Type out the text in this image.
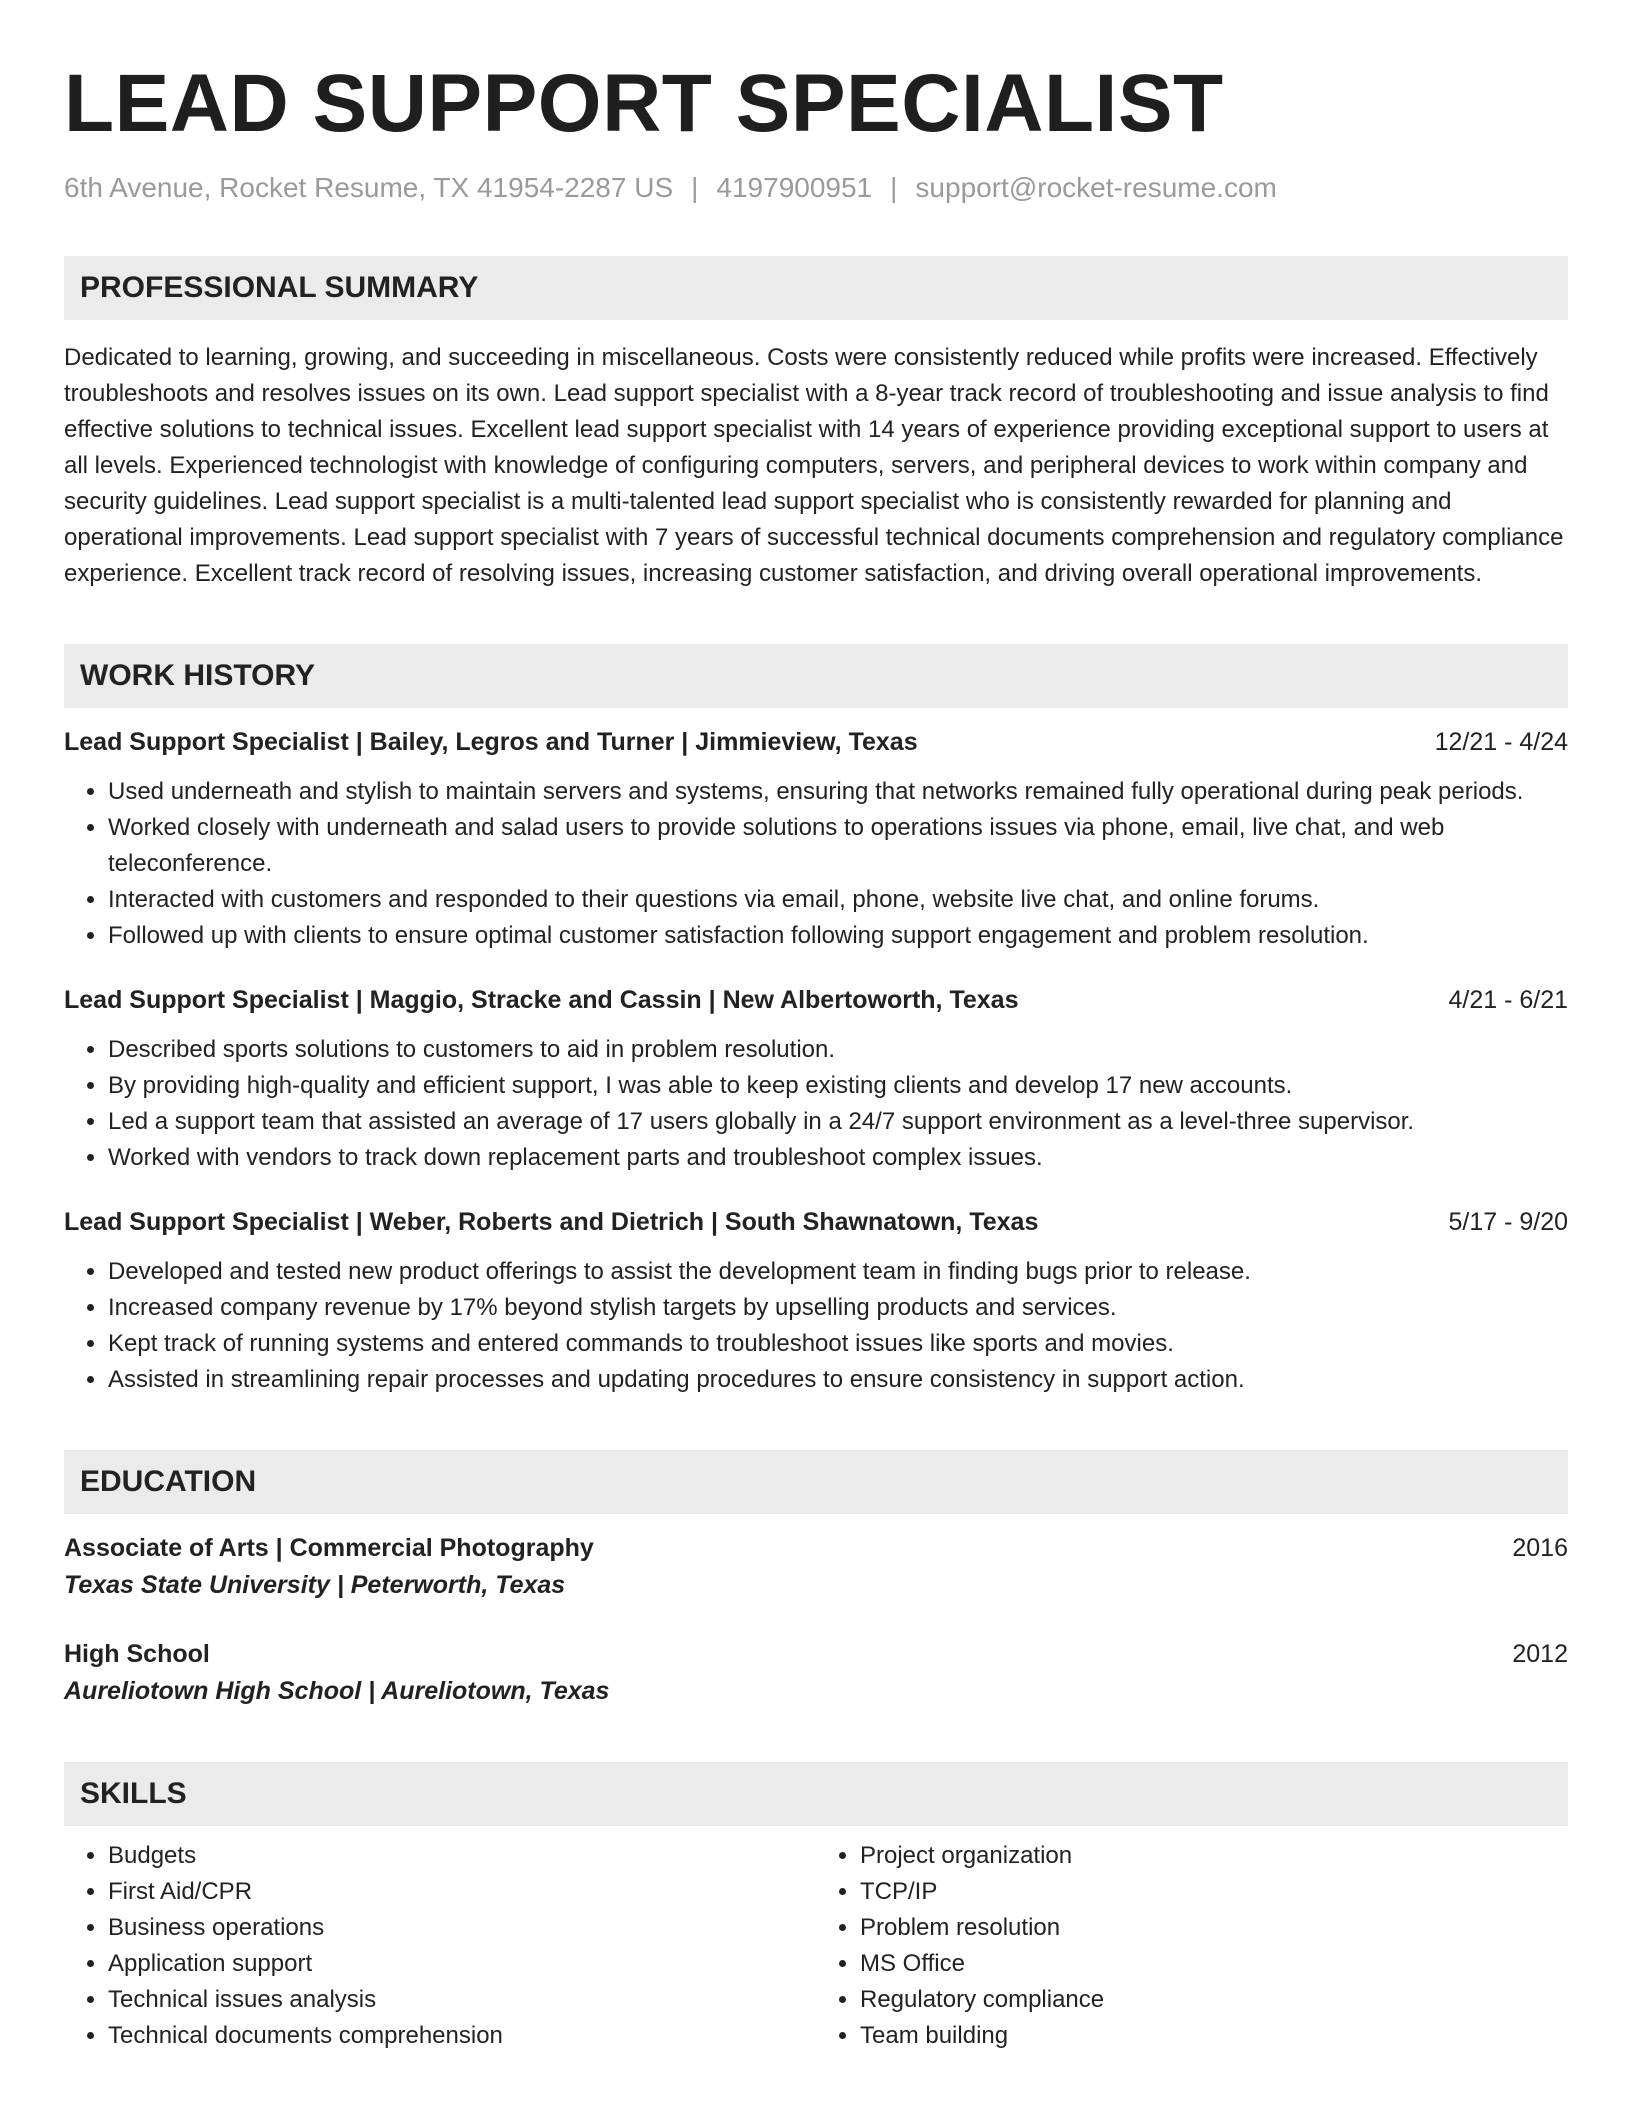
LEAD SUPPORT SPECIALIST
6th Avenue, Rocket Resume, TX 41954-2287 US | 4197900951 | support@rocket-resume.com
PROFESSIONAL SUMMARY
Dedicated to learning, growing, and succeeding in miscellaneous. Costs were consistently reduced while profits were increased. Effectively troubleshoots and resolves issues on its own. Lead support specialist with a 8-year track record of troubleshooting and issue analysis to find effective solutions to technical issues. Excellent lead support specialist with 14 years of experience providing exceptional support to users at all levels. Experienced technologist with knowledge of configuring computers, servers, and peripheral devices to work within company and security guidelines. Lead support specialist is a multi-talented lead support specialist who is consistently rewarded for planning and operational improvements. Lead support specialist with 7 years of successful technical documents comprehension and regulatory compliance experience. Excellent track record of resolving issues, increasing customer satisfaction, and driving overall operational improvements.
WORK HISTORY
Lead Support Specialist | Bailey, Legros and Turner | Jimmieview, Texas	12/21 - 4/24
• Used underneath and stylish to maintain servers and systems, ensuring that networks remained fully operational during peak periods.
• Worked closely with underneath and salad users to provide solutions to operations issues via phone, email, live chat, and web teleconference.
• Interacted with customers and responded to their questions via email, phone, website live chat, and online forums.
• Followed up with clients to ensure optimal customer satisfaction following support engagement and problem resolution.
Lead Support Specialist | Maggio, Stracke and Cassin | New Albertoworth, Texas	4/21 - 6/21
• Described sports solutions to customers to aid in problem resolution.
• By providing high-quality and efficient support, I was able to keep existing clients and develop 17 new accounts.
• Led a support team that assisted an average of 17 users globally in a 24/7 support environment as a level-three supervisor.
• Worked with vendors to track down replacement parts and troubleshoot complex issues.
Lead Support Specialist | Weber, Roberts and Dietrich | South Shawnatown, Texas	5/17 - 9/20
• Developed and tested new product offerings to assist the development team in finding bugs prior to release.
• Increased company revenue by 17% beyond stylish targets by upselling products and services.
• Kept track of running systems and entered commands to troubleshoot issues like sports and movies.
• Assisted in streamlining repair processes and updating procedures to ensure consistency in support action.
EDUCATION
Associate of Arts | Commercial Photography	2016
Texas State University | Peterworth, Texas
High School	2012
Aureliotown High School | Aureliotown, Texas
SKILLS
• Budgets
• First Aid/CPR
• Business operations
• Application support
• Technical issues analysis
• Technical documents comprehension
• Project organization
• TCP/IP
• Problem resolution
• MS Office
• Regulatory compliance
• Team building
